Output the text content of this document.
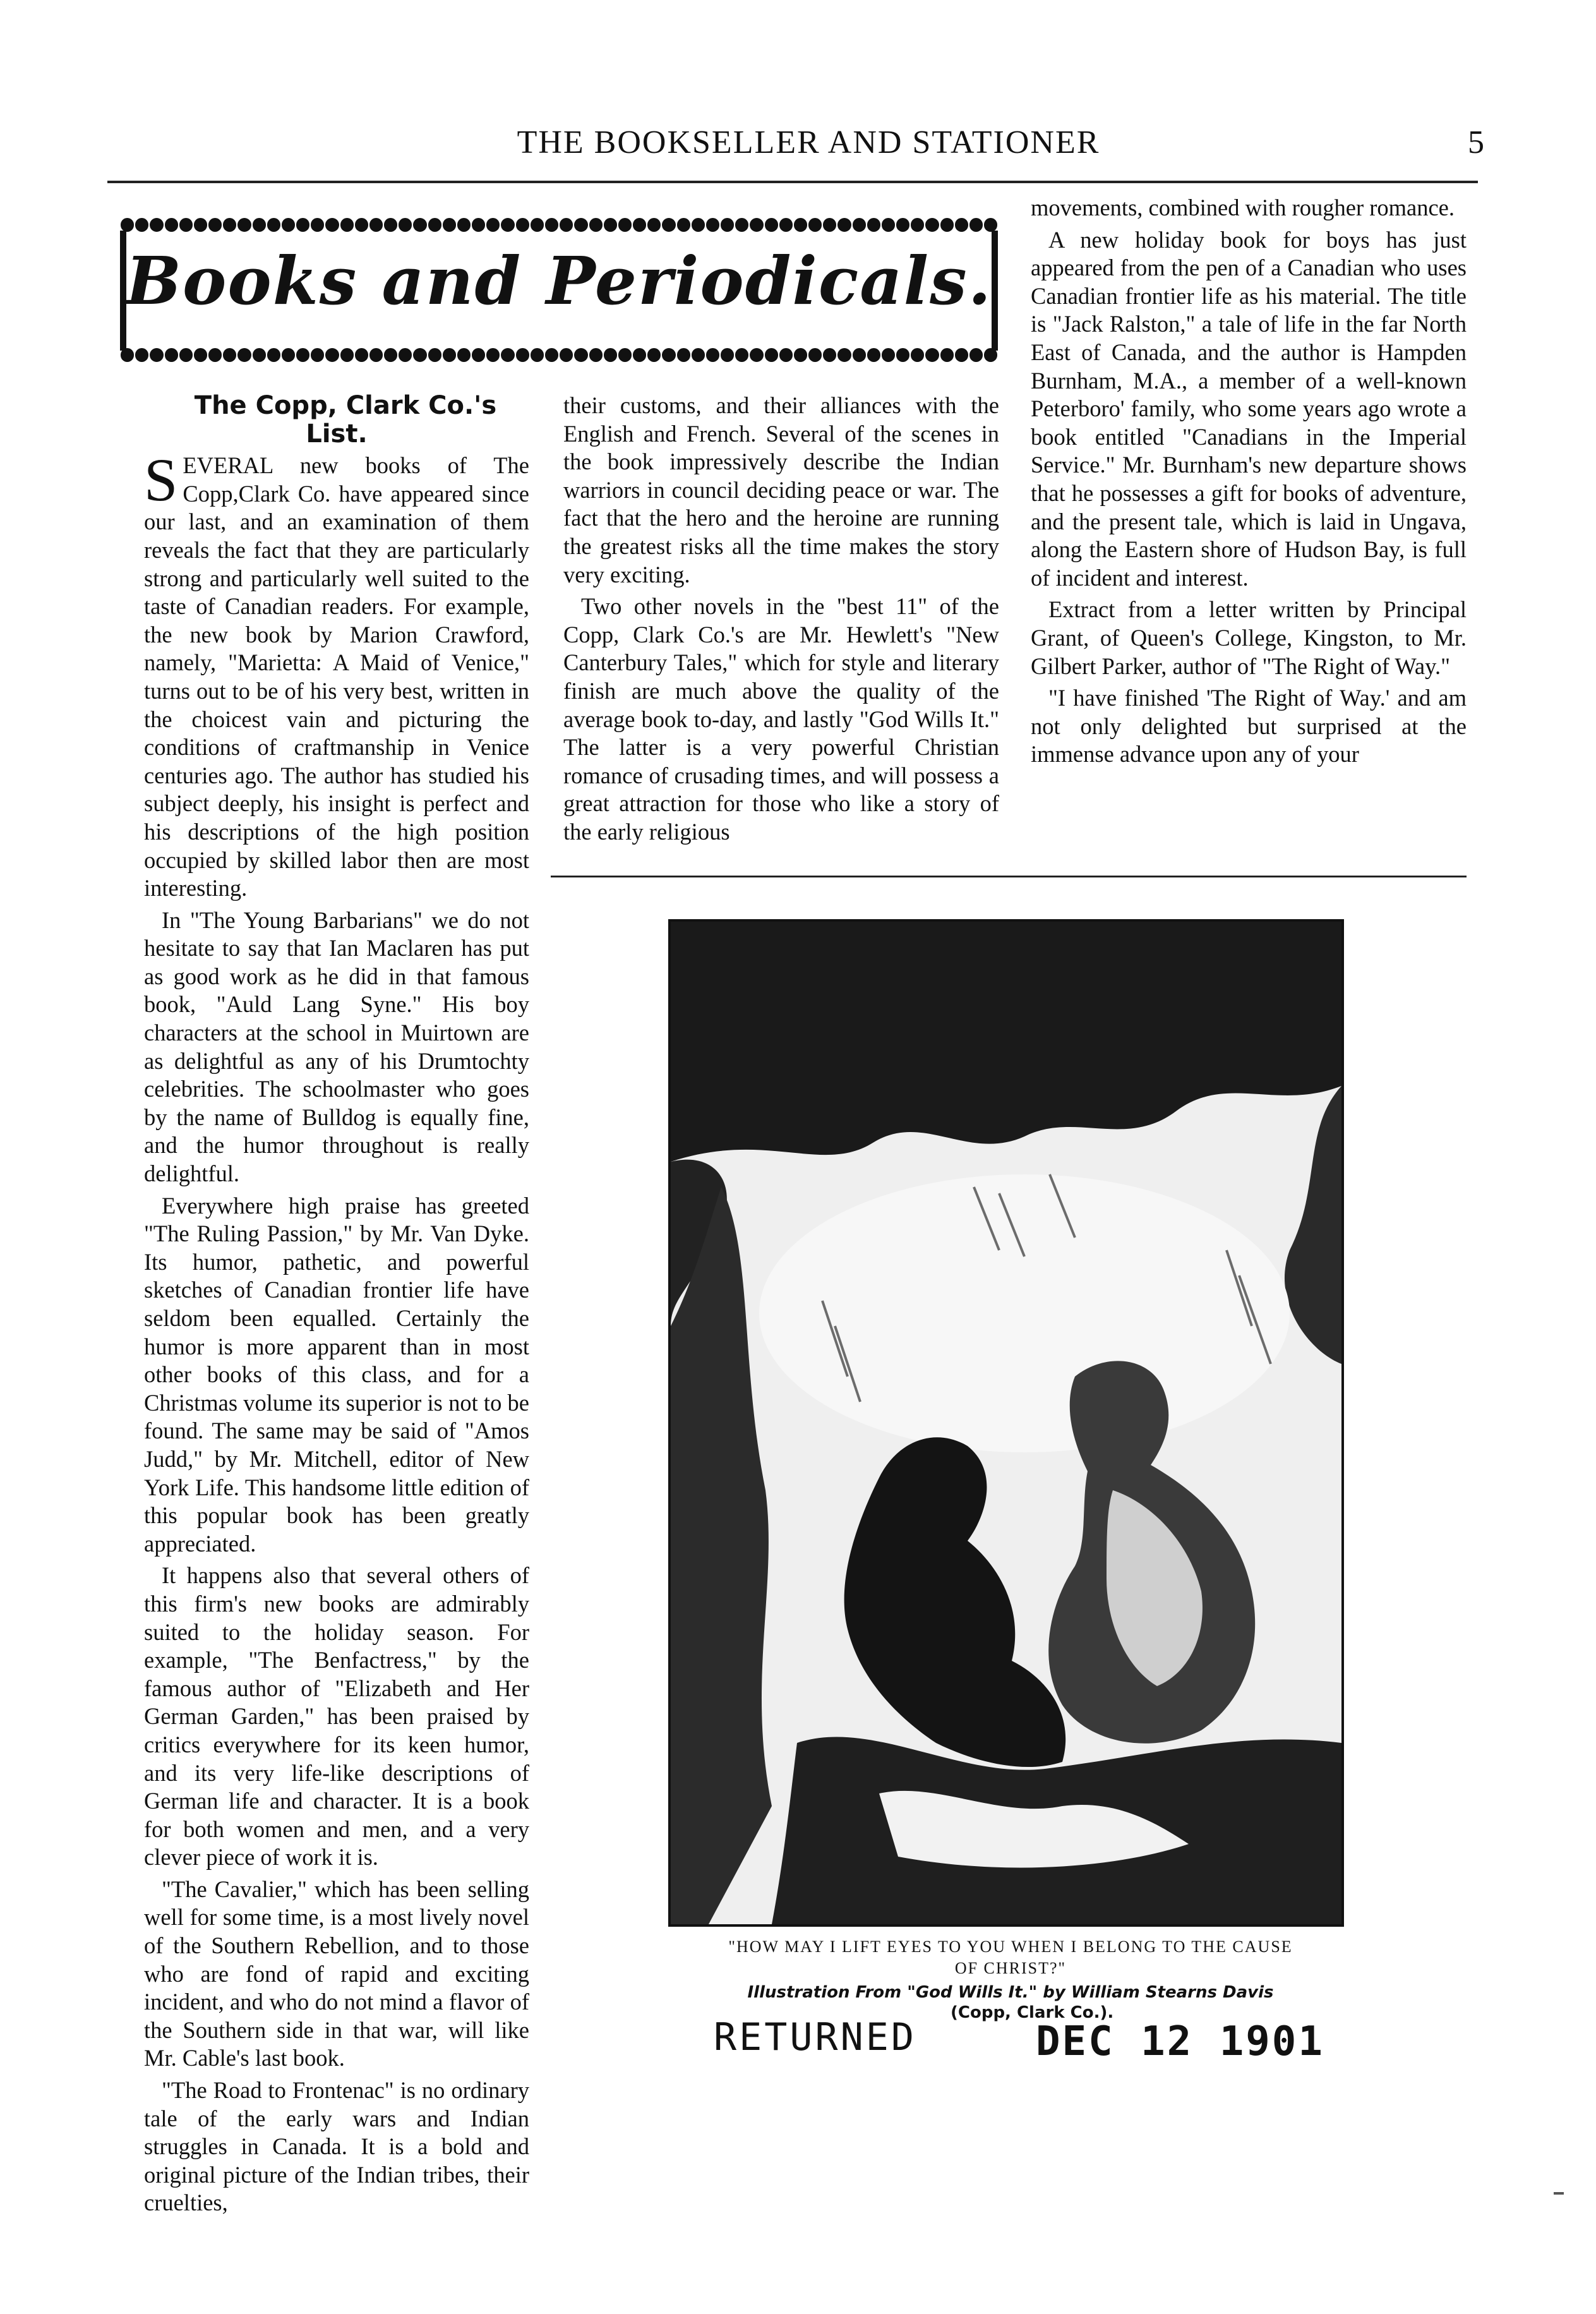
THE BOOKSELLER AND STATIONER	5
Books and Periodicals.

The Copp, Clark Co.'s List.

SEVERAL new books of The Copp,Clark Co. have appeared since our last, and an examination of them reveals the fact that they are particularly strong and particularly well suited to the taste of Canadian readers. For example, the new book by Marion Crawford, namely, "Marietta: A Maid of Venice," turns out to be of his very best, written in the choicest vain and picturing the conditions of craftmanship in Venice centuries ago. The author has studied his subject deeply, his insight is perfect and his descriptions of the high position occupied by skilled labor then are most interesting.

In "The Young Barbarians" we do not hesitate to say that Ian Maclaren has put as good work as he did in that famous book, "Auld Lang Syne." His boy characters at the school in Muirtown are as delightful as any of his Drumtochty celebrities. The schoolmaster who goes by the name of Bulldog is equally fine, and the humor throughout is really delightful.

Everywhere high praise has greeted "The Ruling Passion," by Mr. Van Dyke. Its humor, pathetic, and powerful sketches of Canadian frontier life have seldom been equalled. Certainly the humor is more apparent than in most other books of this class, and for a Christmas volume its superior is not to be found. The same may be said of "Amos Judd," by Mr. Mitchell, editor of New York Life. This handsome little edition of this popular book has been greatly appreciated.

It happens also that several others of this firm's new books are admirably suited to the holiday season. For example, "The Benfactress," by the famous author of "Elizabeth and Her German Garden," has been praised by critics everywhere for its keen humor, and its very life-like descriptions of German life and character. It is a book for both women and men, and a very clever piece of work it is.

"The Cavalier," which has been selling well for some time, is a most lively novel of the Southern Rebellion, and to those who are fond of rapid and exciting incident, and who do not mind a flavor of the Southern side in that war, will like Mr. Cable's last book.

"The Road to Frontenac" is no ordinary tale of the early wars and Indian struggles in Canada. It is a bold and original picture of the Indian tribes, their cruelties,

their customs, and their alliances with the English and French. Several of the scenes in the book impressively describe the Indian warriors in council deciding peace or war. The fact that the hero and the heroine are running the greatest risks all the time makes the story very exciting.

Two other novels in the "best 11" of the Copp, Clark Co.'s are Mr. Hewlett's "New Canterbury Tales," which for style and literary finish are much above the quality of the average book to-day, and lastly "God Wills It." The latter is a very powerful Christian romance of crusading times, and will possess a great attraction for those who like a story of the early religious

movements, combined with rougher romance.

A new holiday book for boys has just appeared from the pen of a Canadian who uses Canadian frontier life as his material. The title is "Jack Ralston," a tale of life in the far North East of Canada, and the author is Hampden Burnham, M.A., a member of a well-known Peterboro' family, who some years ago wrote a book entitled "Canadians in the Imperial Service." Mr. Burnham's new departure shows that he possesses a gift for books of adventure, and the present tale, which is laid in Ungava, along the Eastern shore of Hudson Bay, is full of incident and interest.

Extract from a letter written by Principal Grant, of Queen's College, Kingston, to Mr. Gilbert Parker, author of "The Right of Way."

"I have finished 'The Right of Way.' and am not only delighted but surprised at the immense advance upon any of your

"HOW MAY I LIFT EYES TO YOU WHEN I BELONG TO THE CAUSE
OF CHRIST?"
Illustration From "God Wills It." by William Stearns Davis
(Copp, Clark Co.).
RETURNED	DEC 12 1901
